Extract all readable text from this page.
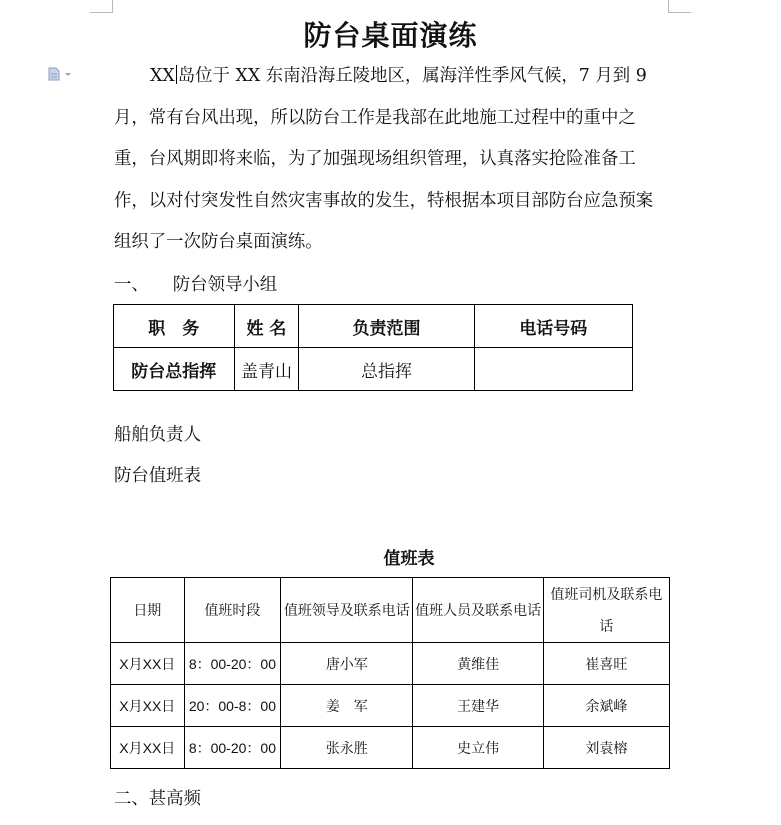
防台桌面演练
XX 岛位于 XX 东南沿海丘陵地区，属海洋性季风气候，7 月到 9月，常有台风出现，所以防台工作是我部在此地施工过程中的重中之重，台风期即将来临，为了加强现场组织管理，认真落实抢险准备工作，以对付突发性自然灾害事故的发生，特根据本项目部防台应急预案组织了一次防台桌面演练。
一、 防台领导小组
职　务	姓 名	负责范围	电话号码
防台总指挥	盖青山	总指挥	
船舶负责人
防台值班表
值班表
日期	值班时段	值班领导及联系电话	值班人员及联系电话	值班司机及联系电话
X月XX日	8：00-20：00	唐小军	黄维佳	崔喜旺
X月XX日	20：00-8：00	姜　军	王建华	余斌峰
X月XX日	8：00-20：00	张永胜	史立伟	刘袁榕
二、甚高频
